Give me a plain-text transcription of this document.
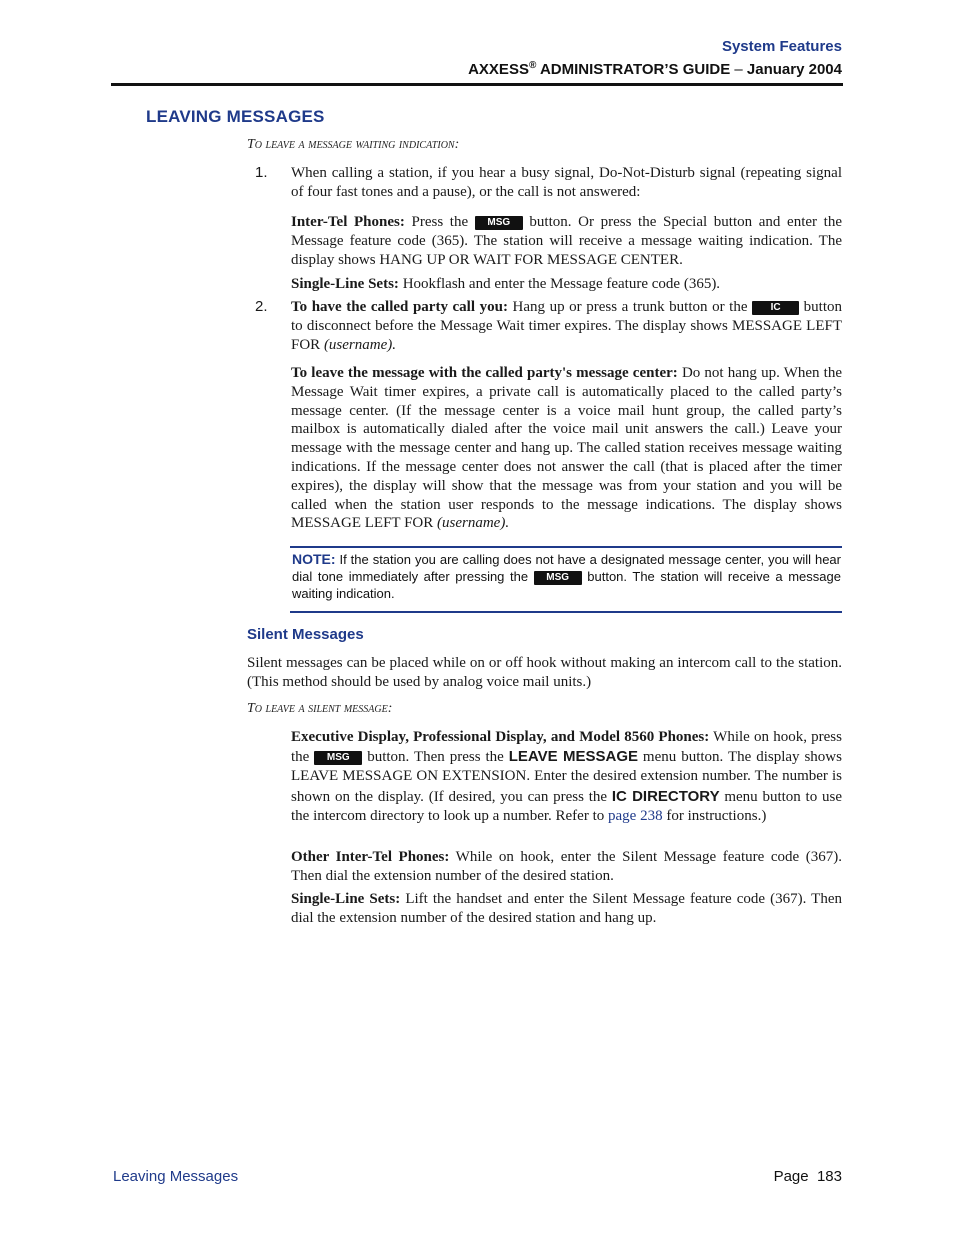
System Features
AXXESS® ADMINISTRATOR’S GUIDE – January 2004
LEAVING MESSAGES
To leave a message waiting indication:
1. When calling a station, if you hear a busy signal, Do-Not-Disturb signal (repeating signal of four fast tones and a pause), or the call is not answered:
Inter-Tel Phones: Press the MSG button. Or press the Special button and enter the Message feature code (365). The station will receive a message waiting indication. The display shows HANG UP OR WAIT FOR MESSAGE CENTER.
Single-Line Sets: Hookflash and enter the Message feature code (365).
2. To have the called party call you: Hang up or press a trunk button or the IC button to disconnect before the Message Wait timer expires. The display shows MESSAGE LEFT FOR (username).
To leave the message with the called party's message center: Do not hang up. When the Message Wait timer expires, a private call is automatically placed to the called party’s message center. (If the message center is a voice mail hunt group, the called party’s mailbox is automatically dialed after the voice mail unit answers the call.) Leave your message with the message center and hang up. The called station receives message waiting indications. If the message center does not answer the call (that is placed after the timer expires), the display will show that the message was from your station and you will be called when the station user responds to the message indications. The display shows MESSAGE LEFT FOR (username).
NOTE: If the station you are calling does not have a designated message center, you will hear dial tone immediately after pressing the MSG button. The station will receive a message waiting indication.
Silent Messages
Silent messages can be placed while on or off hook without making an intercom call to the station. (This method should be used by analog voice mail units.)
To leave a silent message:
Executive Display, Professional Display, and Model 8560 Phones: While on hook, press the MSG button. Then press the LEAVE MESSAGE menu button. The display shows LEAVE MESSAGE ON EXTENSION. Enter the desired extension number. The number is shown on the display. (If desired, you can press the IC DIRECTORY menu button to use the intercom directory to look up a number. Refer to page 238 for instructions.)
Other Inter-Tel Phones: While on hook, enter the Silent Message feature code (367). Then dial the extension number of the desired station.
Single-Line Sets: Lift the handset and enter the Silent Message feature code (367). Then dial the extension number of the desired station and hang up.
Leaving Messages	Page 183
